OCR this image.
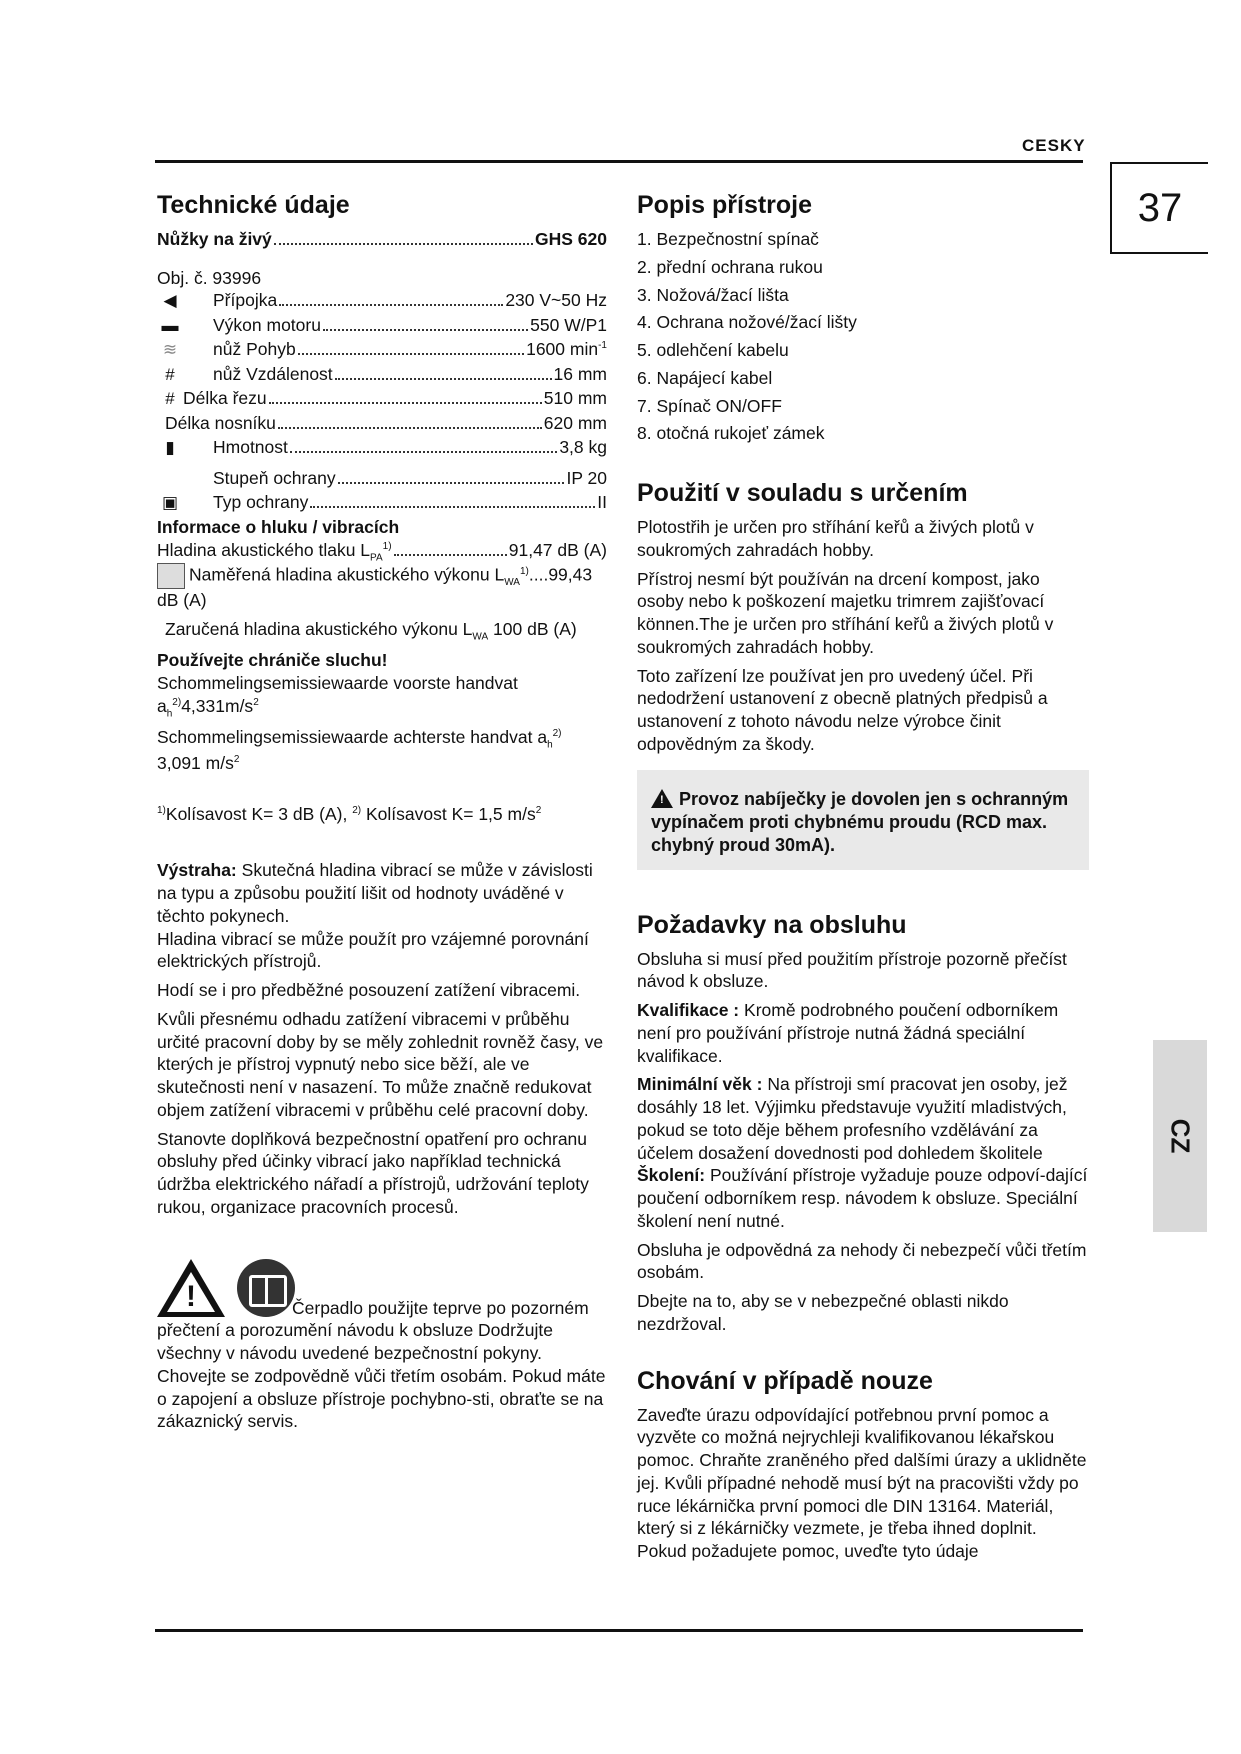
CESKY
37
CZ
Technické údaje
Nůžky na živý	GHS 620

Obj. č. 93996

◀	Přípojka	230 V~50 Hz
▬	Výkon motoru	550 W/P1
≋	nůž Pohyb	1600 $\min^{-1}$
#	nůž Vzdálenost	16 mm
# Délka řezu	510 mm
Délka nosníku	620 mm
▮	Hmotnost	3,8 kg
Stupeň ochrany	IP 20
▣	Typ ochrany	II

Informace o hluku / vibracích

Hladina akustického tlaku $L_{PA}^{1)}$	91,47 dB (A)

Naměřená hladina akustického výkonu $L_{WA}^{1)}....99,43$ dB (A)

Zaručená hladina akustického výkonu $L_{WA}$ 100 dB (A)

Používejte chrániče sluchu!

Schommelingsemissiewaarde voorste handvat $a_h^{2)}4,331m/s^2$

Schommelingsemissiewaarde achterste handvat $a_h^{2)}$ 3,091 $m/s^2$

$^{1)}$Kolísavost K= 3 dB (A), $^{2)}$ Kolísavost K= 1,5 $m/s^2$

Výstraha: Skutečná hladina vibrací se může v závislosti na typu a způsobu použití lišit od hodnoty uváděné v těchto pokynech.

Hladina vibrací se může použít pro vzájemné porovnání elektrických přístrojů.

Hodí se i pro předběžné posouzení zatížení vibracemi.

Kvůli přesnému odhadu zatížení vibracemi v průběhu určité pracovní doby by se měly zohlednit rovněž časy, ve kterých je přístroj vypnutý nebo sice běží, ale ve skutečnosti není v nasazení. To může značně redukovat objem zatížení vibracemi v průběhu celé pracovní doby.

Stanovte doplňková bezpečnostní opatření pro ochranu obsluhy před účinky vibrací jako například technická údržba elektrického nářadí a přístrojů, udržování teploty rukou, organizace pracovních procesů.

!	Čerpadlo použijte teprve po pozorném přečtení a porozumění návodu k obsluze Dodržujte všechny v návodu uvedené bezpečnostní pokyny. Chovejte se zodpovědně vůči třetím osobám. Pokud máte o zapojení a obsluze přístroje pochybno-sti, obraťte se na zákaznický servis.

Popis přístroje
1. Bezpečnostní spínač
2. přední ochrana rukou
3. Nožová/žací lišta
4. Ochrana nožové/žací lišty
5. odlehčení kabelu
6. Napájecí kabel
7. Spínač ON/OFF
8. otočná rukojeť zámek
Použití v souladu s určením

Plotostřih je určen pro stříhání keřů a živých plotů v soukromých zahradách hobby.

Přístroj nesmí být používán na drcení kompost, jako osoby nebo k poškození majetku trimrem zajišťovací können.The je určen pro stříhání keřů a živých plotů v soukromých zahradách hobby.

Toto zařízení lze používat jen pro uvedený účel. Při nedodržení ustanovení z obecně platných předpisů a ustanovení z tohoto návodu nelze výrobce činit odpovědným za škody.

!Provoz nabíječky je dovolen jen s ochranným vypínačem proti chybnému proudu (RCD max. chybný proud 30mA).
Požadavky na obsluhu

Obsluha si musí před použitím přístroje pozorně přečíst návod k obsluze.

Kvalifikace : Kromě podrobného poučení odborníkem není pro používání přístroje nutná žádná speciální kvalifikace.

Minimální věk : Na přístroji smí pracovat jen osoby, jež dosáhly 18 let. Výjimku představuje využití mladistvých, pokud se toto děje během profesního vzdělávání za účelem dosažení dovednosti pod dohledem školitele

Školení: Používání přístroje vyžaduje pouze odpoví-dající poučení odborníkem resp. návodem k obsluze. Speciální školení není nutné.

Obsluha je odpovědná za nehody či nebezpečí vůči třetím osobám.

Dbejte na to, aby se v nebezpečné oblasti nikdo nezdržoval.

Chování v případě nouze

Zaveďte úrazu odpovídající potřebnou první pomoc a vyzvěte co možná nejrychleji kvalifikovanou lékařskou pomoc. Chraňte zraněného před dalšími úrazy a uklidněte jej. Kvůli případné nehodě musí být na pracovišti vždy po ruce lékárnička první pomoci dle DIN 13164. Materiál, který si z lékárničky vezmete, je třeba ihned doplnit.

Pokud požadujete pomoc, uveďte tyto údaje
